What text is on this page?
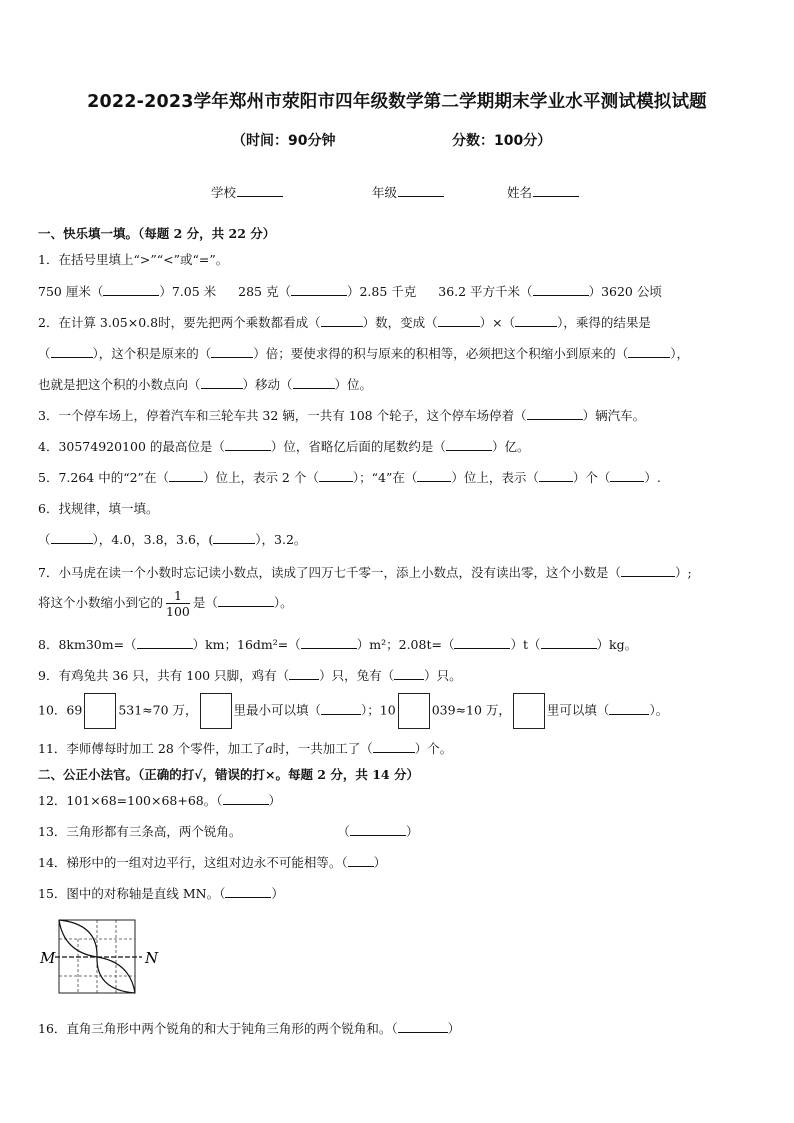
2022-2023学年郑州市荥阳市四年级数学第二学期期末学业水平测试模拟试题
（时间：90分钟	分数：100分）
学校	年级	姓名
一、快乐填一填。（每题 2 分，共 22 分）
1．在括号里填上“>”“<”或“=”。
750 厘米（	）7.05 米 285 克（	）2.85 千克 36.2 平方千米（	）3620 公顷
2．在计算 3.05×0.8时，要先把两个乘数都看成（	）数，变成（	）×（	），乘得的结果是
（	），这个积是原来的（	）倍；要使求得的积与原来的积相等，必须把这个积缩小到原来的（	），
也就是把这个积的小数点向（	）移动（	）位。
3．一个停车场上，停着汽车和三轮车共 32 辆，一共有 108 个轮子，这个停车场停着（	）辆汽车。
4．30574920100 的最高位是（	）位，省略亿后面的尾数约是（	）亿。
5．7.264 中的“2”在（	）位上，表示 2 个（	）；“4”在（	）位上，表示（	）个（	）.
6．找规律，填一填。
（	），4.0，3.8，3.6，(	），3.2。
7．小马虎在读一个小数时忘记读小数点，读成了四万七千零一，添上小数点，没有读出零，这个小数是（	）;
将这个小数缩小到它的 $\frac{1}{100}$ 是（	）。
8．8km30m=（	）km；16dm²=（	）m²；2.08t=（	）t（	）kg。
9．有鸡兔共 36 只，共有 100 只脚，鸡有（ ）只，兔有（ ）只。
10．69	531≈70 万，	里最小可以填（	）；10	039≈10 万，	里可以填（	）。
11．李师傅每时加工 28 个零件，加工了a时，一共加工了（	）个。
二、公正小法官。（正确的打√，错误的打×。每题 2 分，共 14 分）
12．101×68=100×68+68。（	）
13．三角形都有三条高，两个锐角。	（	）
14．梯形中的一组对边平行，这组对边永不可能相等。（ ）
15．图中的对称轴是直线 MN。（	）
M	N
16．直角三角形中两个锐角的和大于钝角三角形的两个锐角和。（	）
